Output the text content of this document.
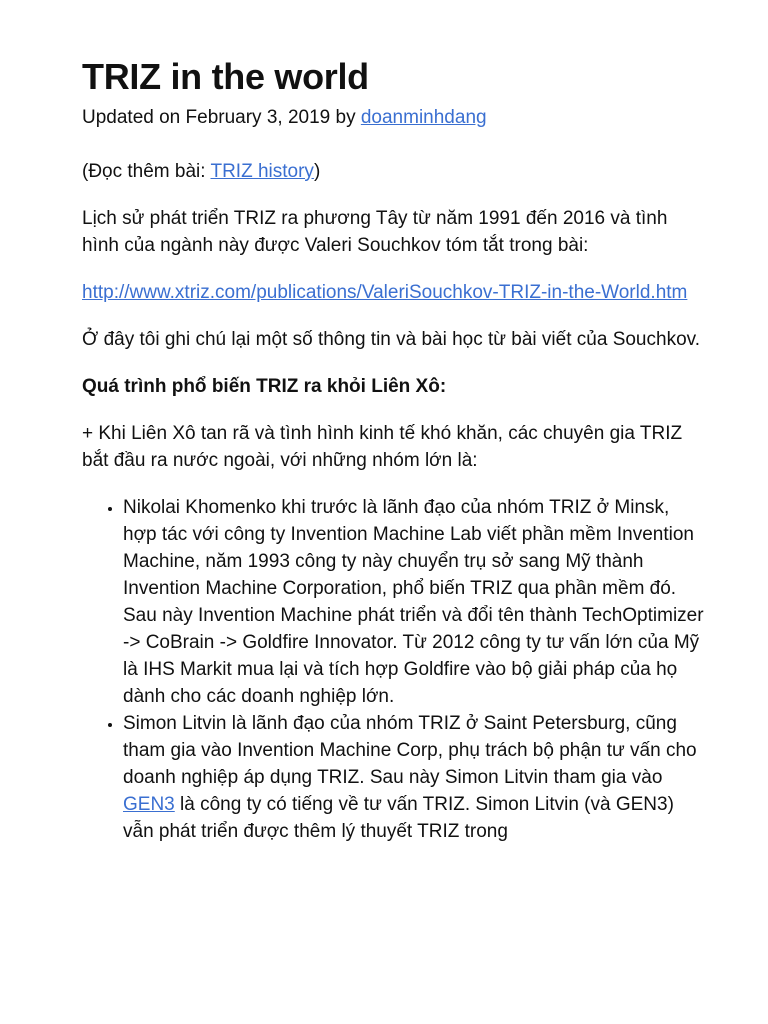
TRIZ in the world
Updated on February 3, 2019 by doanminhdang

(Đọc thêm bài: TRIZ history)

Lịch sử phát triển TRIZ ra phương Tây từ năm 1991 đến 2016 và tình hình của ngành này được Valeri Souchkov tóm tắt trong bài:

http://www.xtriz.com/publications/ValeriSouchkov-TRIZ-in-the-World.htm

Ở đây tôi ghi chú lại một số thông tin và bài học từ bài viết của Souchkov.

Quá trình phổ biến TRIZ ra khỏi Liên Xô:

+ Khi Liên Xô tan rã và tình hình kinh tế khó khăn, các chuyên gia TRIZ bắt đầu ra nước ngoài, với những nhóm lớn là:

• Nikolai Khomenko khi trước là lãnh đạo của nhóm TRIZ ở Minsk, hợp tác với công ty Invention Machine Lab viết phần mềm Invention Machine, năm 1993 công ty này chuyển trụ sở sang Mỹ thành Invention Machine Corporation, phổ biến TRIZ qua phần mềm đó. Sau này Invention Machine phát triển và đổi tên thành TechOptimizer -> CoBrain -> Goldfire Innovator. Từ 2012 công ty tư vấn lớn của Mỹ là IHS Markit mua lại và tích hợp Goldfire vào bộ giải pháp của họ dành cho các doanh nghiệp lớn.
• Simon Litvin là lãnh đạo của nhóm TRIZ ở Saint Petersburg, cũng tham gia vào Invention Machine Corp, phụ trách bộ phận tư vấn cho doanh nghiệp áp dụng TRIZ. Sau này Simon Litvin tham gia vào GEN3 là công ty có tiếng về tư vấn TRIZ. Simon Litvin (và GEN3) vẫn phát triển được thêm lý thuyết TRIZ trong
